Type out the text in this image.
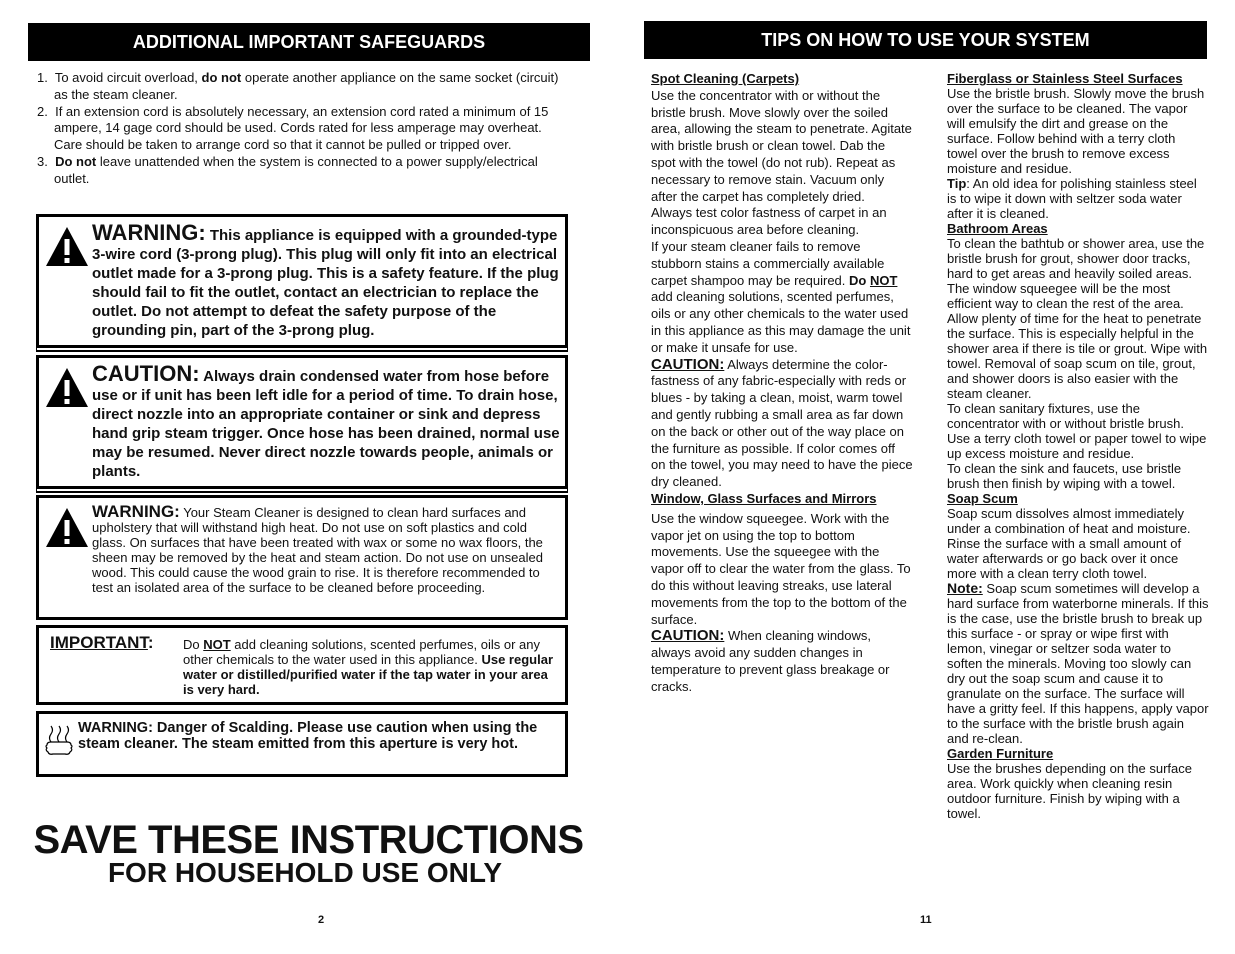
ADDITIONAL IMPORTANT SAFEGUARDS
1. To avoid circuit overload, do not operate another appliance on the same socket (circuit) as the steam cleaner.
2. If an extension cord is absolutely necessary, an extension cord rated a minimum of 15 ampere, 14 gage cord should be used. Cords rated for less amperage may overheat. Care should be taken to arrange cord so that it cannot be pulled or tripped over.
3. Do not leave unattended when the system is connected to a power supply/electrical outlet.
WARNING: This appliance is equipped with a grounded-type 3-wire cord (3-prong plug). This plug will only fit into an electrical outlet made for a 3-prong plug. This is a safety feature. If the plug should fail to fit the outlet, contact an electrician to replace the outlet. Do not attempt to defeat the safety purpose of the grounding pin, part of the 3-prong plug.
CAUTION: Always drain condensed water from hose before use or if unit has been left idle for a period of time. To drain hose, direct nozzle into an appropriate container or sink and depress hand grip steam trigger. Once hose has been drained, normal use may be resumed. Never direct nozzle towards people, animals or plants.
WARNING: Your Steam Cleaner is designed to clean hard surfaces and upholstery that will withstand high heat. Do not use on soft plastics and cold glass. On surfaces that have been treated with wax or some no wax floors, the sheen may be removed by the heat and steam action. Do not use on unsealed wood. This could cause the wood grain to rise. It is therefore recommended to test an isolated area of the surface to be cleaned before proceeding.
IMPORTANT: Do NOT add cleaning solutions, scented perfumes, oils or any other chemicals to the water used in this appliance. Use regular water or distilled/purified water if the tap water in your area is very hard.
WARNING: Danger of Scalding. Please use caution when using the steam cleaner. The steam emitted from this aperture is very hot.
SAVE THESE INSTRUCTIONS
FOR HOUSEHOLD USE ONLY
2
TIPS ON HOW TO USE YOUR SYSTEM

Spot Cleaning (Carpets)

Use the concentrator with or without the bristle brush. Move slowly over the soiled area, allowing the steam to penetrate. Agitate with bristle brush or clean towel. Dab the spot with the towel (do not rub). Repeat as necessary to remove stain. Vacuum only after the carpet has completely dried.

Always test color fastness of carpet in an inconspicuous area before cleaning.

If your steam cleaner fails to remove stubborn stains a commercially available carpet shampoo may be required. Do NOT add cleaning solutions, scented perfumes, oils or any other chemicals to the water used in this appliance as this may damage the unit or make it unsafe for use.

CAUTION: Always determine the color-fastness of any fabric-especially with reds or blues - by taking a clean, moist, warm towel and gently rubbing a small area as far down on the back or other out of the way place on the furniture as possible. If color comes off on the towel, you may need to have the piece dry cleaned.

Window, Glass Surfaces and Mirrors

Use the window squeegee. Work with the vapor jet on using the top to bottom movements. Use the squeegee with the vapor off to clear the water from the glass. To do this without leaving streaks, use lateral movements from the top to the bottom of the surface.

CAUTION: When cleaning windows, always avoid any sudden changes in temperature to prevent glass breakage or cracks.

Fiberglass or Stainless Steel Surfaces

Use the bristle brush. Slowly move the brush over the surface to be cleaned. The vapor will emulsify the dirt and grease on the surface. Follow behind with a terry cloth towel over the brush to remove excess moisture and residue.

Tip: An old idea for polishing stainless steel is to wipe it down with seltzer soda water after it is cleaned.

Bathroom Areas

To clean the bathtub or shower area, use the bristle brush for grout, shower door tracks, hard to get areas and heavily soiled areas. The window squeegee will be the most efficient way to clean the rest of the area. Allow plenty of time for the heat to penetrate the surface. This is especially helpful in the shower area if there is tile or grout. Wipe with towel. Removal of soap scum on tile, grout, and shower doors is also easier with the steam cleaner.

To clean sanitary fixtures, use the concentrator with or without bristle brush. Use a terry cloth towel or paper towel to wipe up excess moisture and residue.

To clean the sink and faucets, use bristle brush then finish by wiping with a towel.

Soap Scum

Soap scum dissolves almost immediately under a combination of heat and moisture. Rinse the surface with a small amount of water afterwards or go back over it once more with a clean terry cloth towel.

Note: Soap scum sometimes will develop a hard surface from waterborne minerals. If this is the case, use the bristle brush to break up this surface - or spray or wipe first with lemon, vinegar or seltzer soda water to soften the minerals. Moving too slowly can dry out the soap scum and cause it to granulate on the surface. The surface will have a gritty feel. If this happens, apply vapor to the surface with the bristle brush again and re-clean.

Garden Furniture

Use the brushes depending on the surface area. Work quickly when cleaning resin outdoor furniture. Finish by wiping with a towel.

11
